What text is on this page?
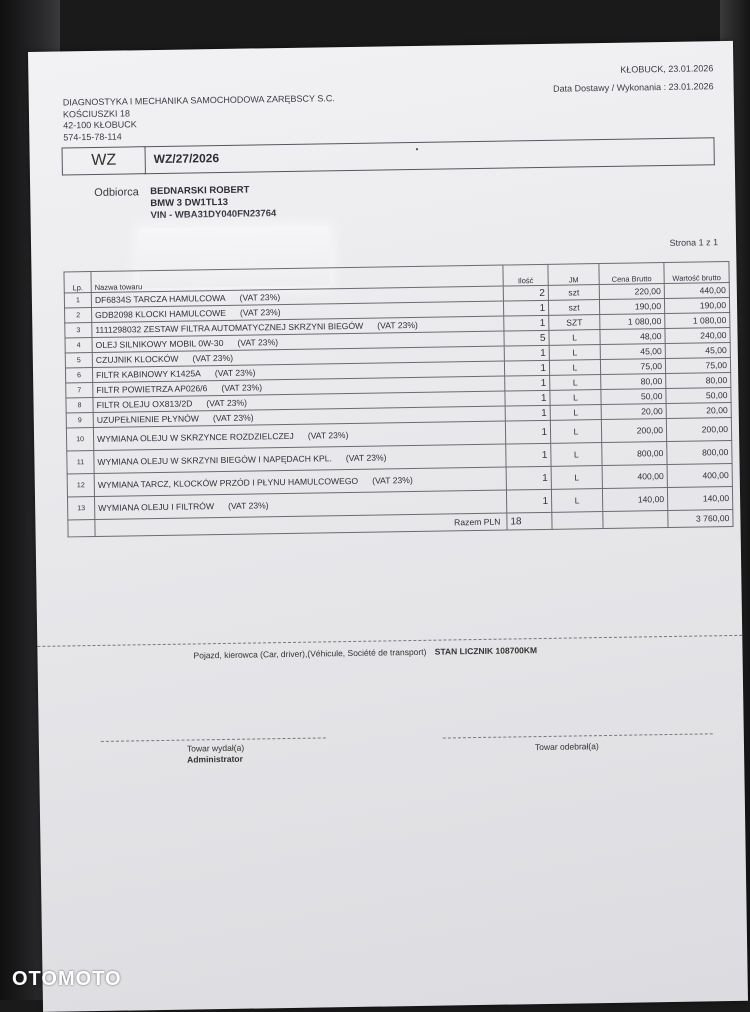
DIAGNOSTYKA I MECHANIKA SAMOCHODOWA ZARĘBSCY S.C.
KOŚCIUSZKI 18
42-100 KŁOBUCK
574-15-78-114
KŁOBUCK, 23.01.2026
Data Dostawy / Wykonania : 23.01.2026
WZ	WZ/27/2026
•
Odbiorca BEDNARSKI ROBERT
BMW 3 DW1TL13
VIN - WBA31DY040FN23764
Strona 1 z 1
Lp.	Nazwa towaru	Ilość	JM	Cena Brutto	Wartość brutto
1	DF6834S TARCZA HAMULCOWA (VAT 23%)	2	szt	220,00	440,00
2	GDB2098 KLOCKI HAMULCOWE (VAT 23%)	1	szt	190,00	190,00
3	1111298032 ZESTAW FILTRA AUTOMATYCZNEJ SKRZYNI BIEGÓW (VAT 23%)	1	SZT	1 080,00	1 080,00
4	OLEJ SILNIKOWY MOBIL 0W-30 (VAT 23%)	5	L	48,00	240,00
5	CZUJNIK KLOCKÓW (VAT 23%)	1	L	45,00	45,00
6	FILTR KABINOWY K1425A (VAT 23%)	1	L	75,00	75,00
7	FILTR POWIETRZA AP026/6 (VAT 23%)	1	L	80,00	80,00
8	FILTR OLEJU OX813/2D (VAT 23%)	1	L	50,00	50,00
9	UZUPEŁNIENIE PŁYNÓW (VAT 23%)	1	L	20,00	20,00
10	WYMIANA OLEJU W SKRZYNCE ROZDZIELCZEJ (VAT 23%)	1	L	200,00	200,00
11	WYMIANA OLEJU W SKRZYNI BIEGÓW I NAPĘDACH KPL. (VAT 23%)	1	L	800,00	800,00
12	WYMIANA TARCZ, KLOCKÓW PRZÓD I PŁYNU HAMULCOWEGO (VAT 23%)	1	L	400,00	400,00
13	WYMIANA OLEJU I FILTRÓW (VAT 23%)	1	L	140,00	140,00
	Razem PLN	18			3 760,00
Pojazd, kierowca (Car, driver),(Véhicule, Société de transport) STAN LICZNIK 108700KM
Towar wydał(a)
Administrator
Towar odebrał(a)
OTOMOTO
